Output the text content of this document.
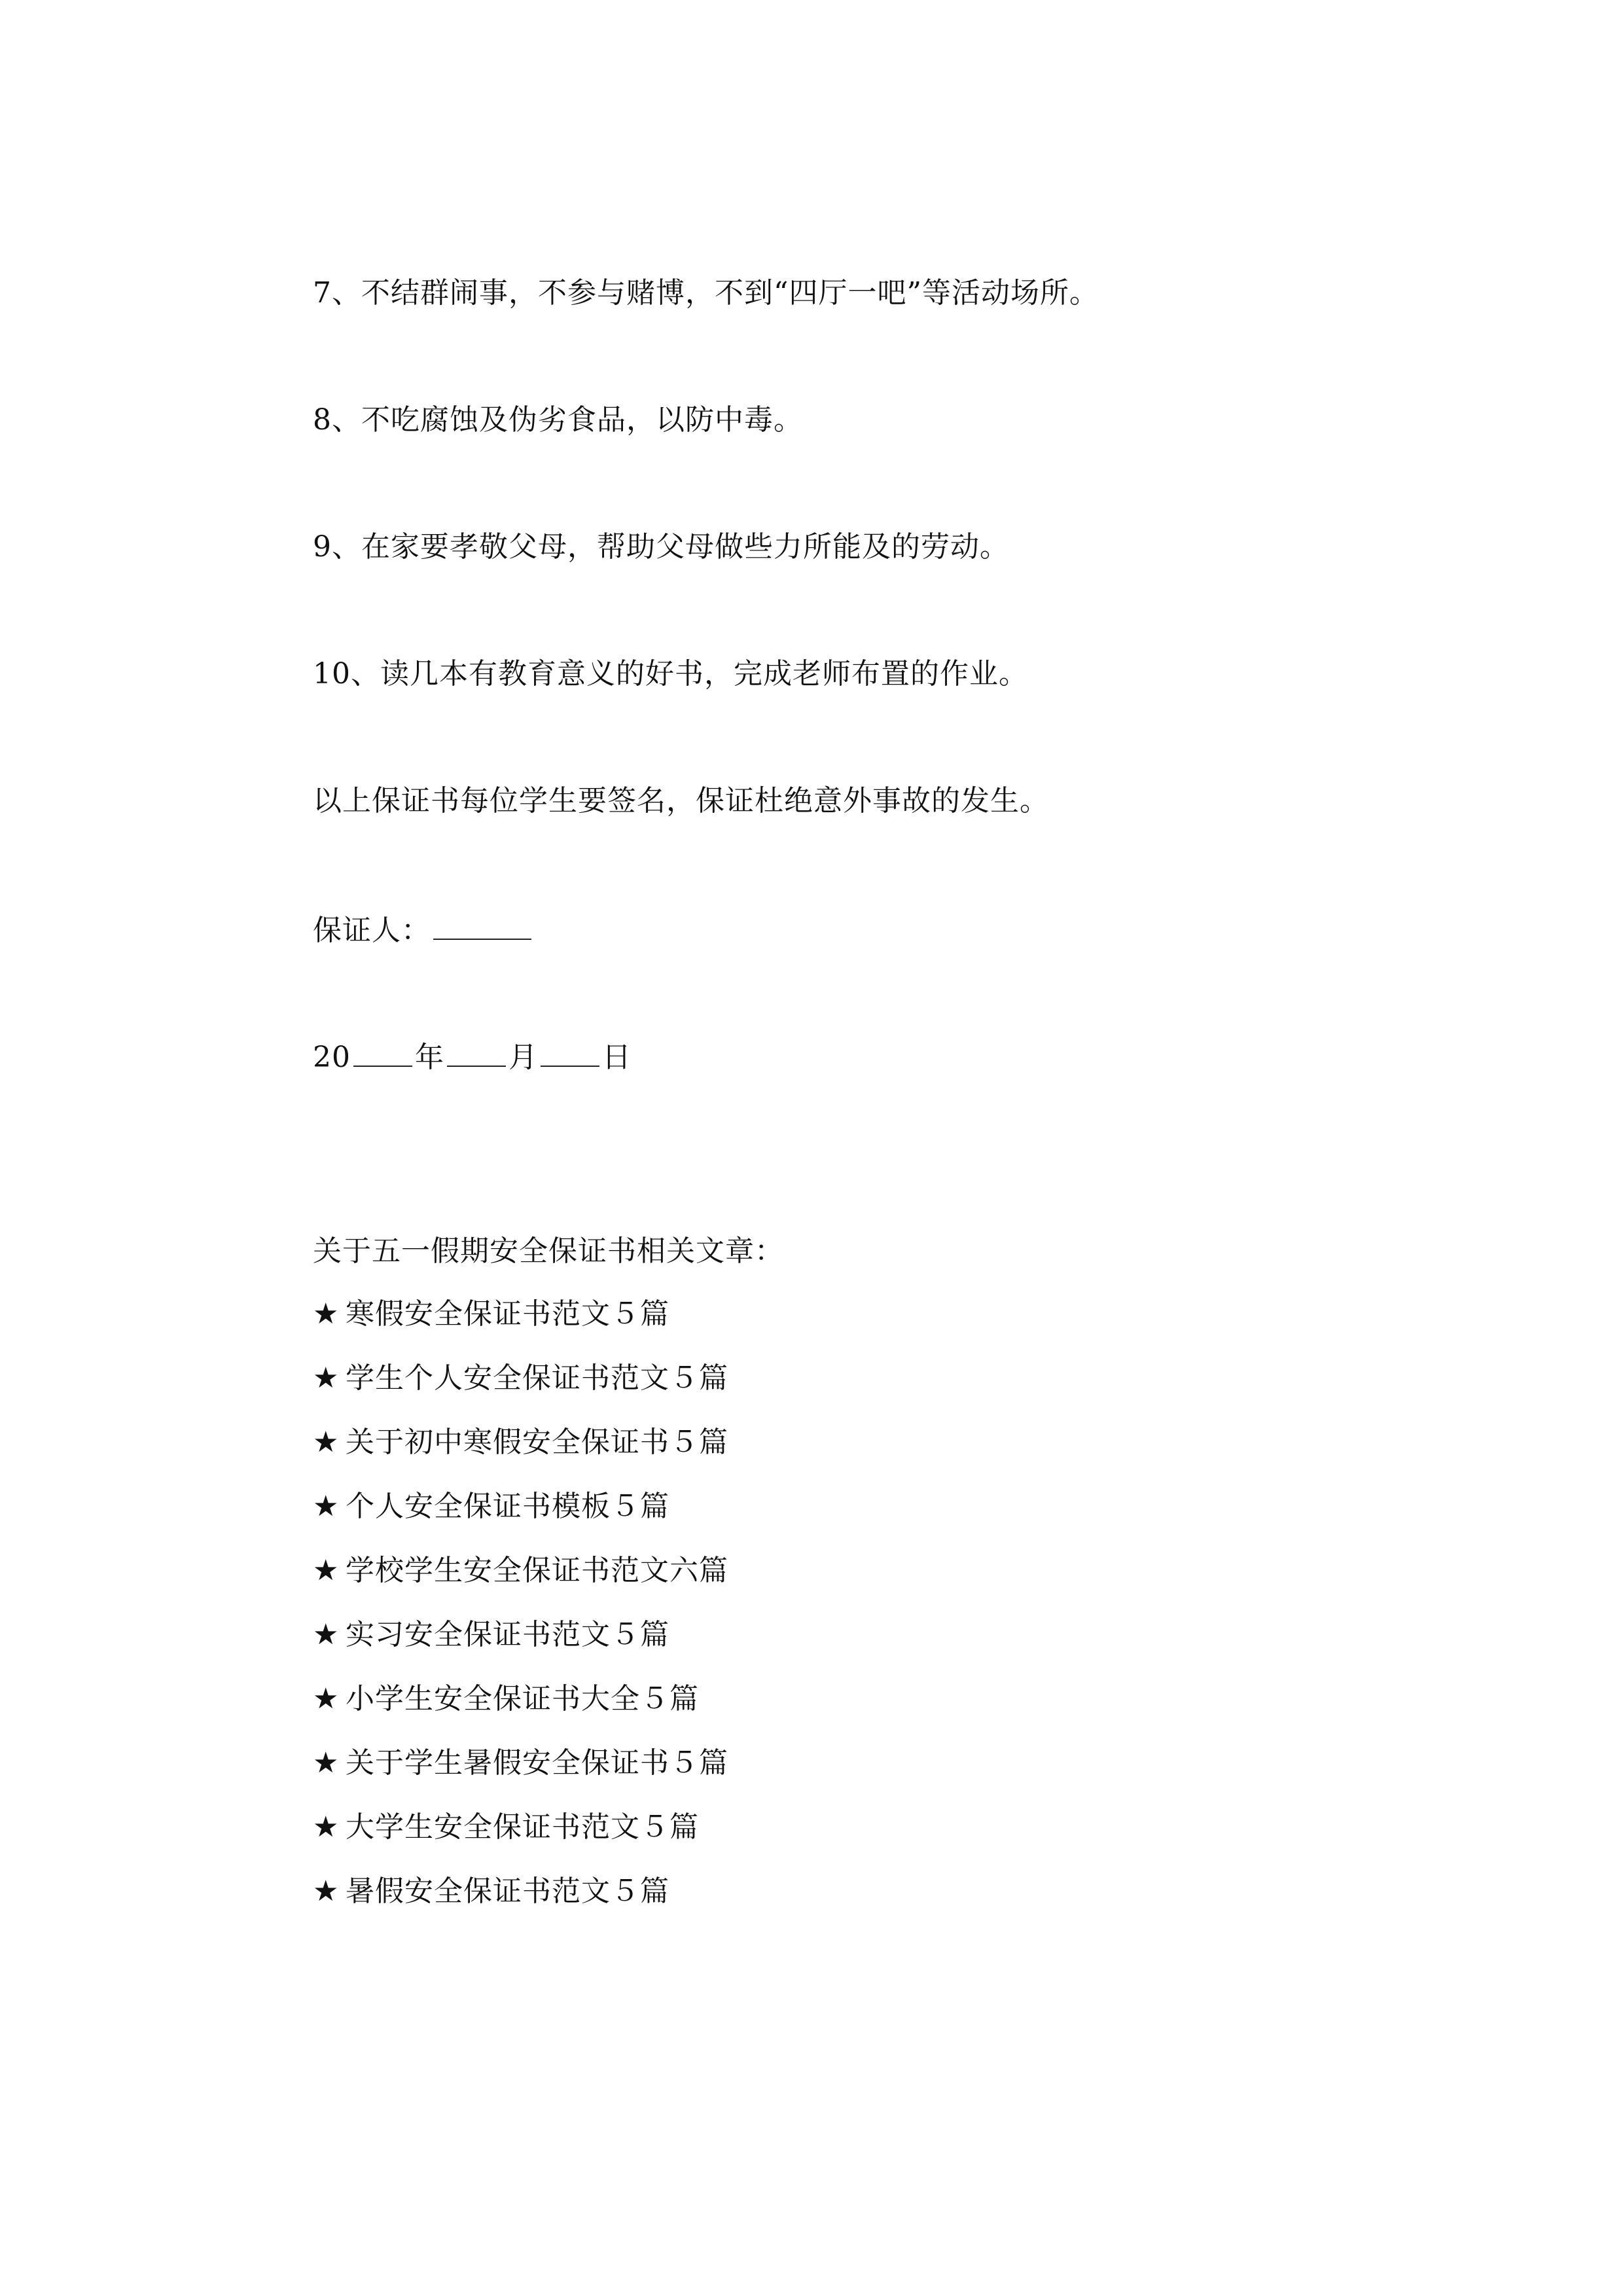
7、不结群闹事，不参与赌博，不到“四厅一吧”等活动场所。
8、不吃腐蚀及伪劣食品，以防中毒。
9、在家要孝敬父母，帮助父母做些力所能及的劳动。
10、读几本有教育意义的好书，完成老师布置的作业。
以上保证书每位学生要签名，保证杜绝意外事故的发生。
保证人：
20 年 月 日
关于五一假期安全保证书相关文章：
★ 寒假安全保证书范文５篇
★ 学生个人安全保证书范文５篇
★ 关于初中寒假安全保证书５篇
★ 个人安全保证书模板５篇
★ 学校学生安全保证书范文六篇
★ 实习安全保证书范文５篇
★ 小学生安全保证书大全５篇
★ 关于学生暑假安全保证书５篇
★ 大学生安全保证书范文５篇
★ 暑假安全保证书范文５篇
